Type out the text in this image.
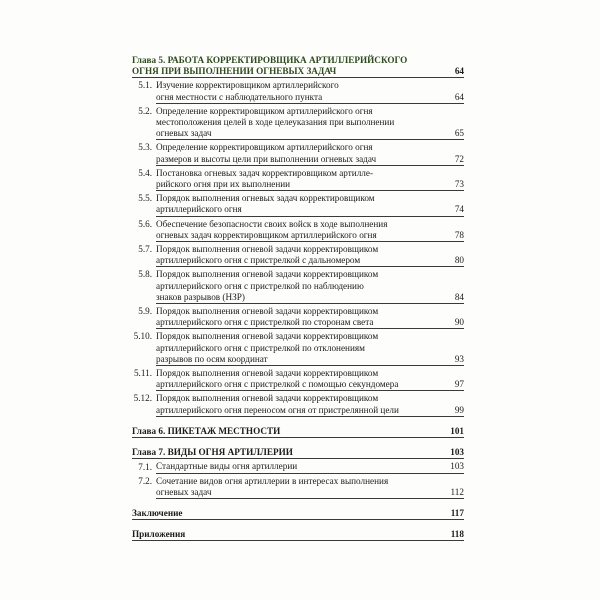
Глава 5. РАБОТА КОРРЕКТИРОВЩИКА АРТИЛЛЕРИЙСКОГО
ОГНЯ ПРИ ВЫПОЛНЕНИИ ОГНЕВЫХ ЗАДАЧ	64
5.1. Изучение корректировщиком артиллерийского
огня местности с наблюдательного пункта	64
5.2. Определение корректировщиком артиллерийского огня
местоположения целей в ходе целеуказания при выполнении
огневых задач	65
5.3. Определение корректировщиком артиллерийского огня
размеров и высоты цели при выполнении огневых задач	72
5.4. Постановка огневых задач корректировщиком артилле-
рийского огня при их выполнении	73
5.5. Порядок выполнения огневых задач корректировщиком
артиллерийского огня	74
5.6. Обеспечение безопасности своих войск в ходе выполнения
огневых задач корректировщиком артиллерийского огня	78
5.7. Порядок выполнения огневой задачи корректировщиком
артиллерийского огня с пристрелкой с дальномером	80
5.8. Порядок выполнения огневой задачи корректировщиком
артиллерийского огня с пристрелкой по наблюдению
знаков разрывов (НЗР)	84
5.9. Порядок выполнения огневой задачи корректировщиком
артиллерийского огня с пристрелкой по сторонам света	90
5.10. Порядок выполнения огневой задачи корректировщиком
артиллерийского огня с пристрелкой по отклонениям
разрывов по осям координат	93
5.11. Порядок выполнения огневой задачи корректировщиком
артиллерийского огня с пристрелкой с помощью секундомера	97
5.12. Порядок выполнения огневой задачи корректировщиком
артиллерийского огня переносом огня от пристрелянной цели	99
Глава 6. ПИКЕТАЖ МЕСТНОСТИ	101
Глава 7. ВИДЫ ОГНЯ АРТИЛЛЕРИИ	103
7.1. Стандартные виды огня артиллерии	103
7.2. Сочетание видов огня артиллерии в интересах выполнения
огневых задач	112
Заключение	117
Приложения	118
